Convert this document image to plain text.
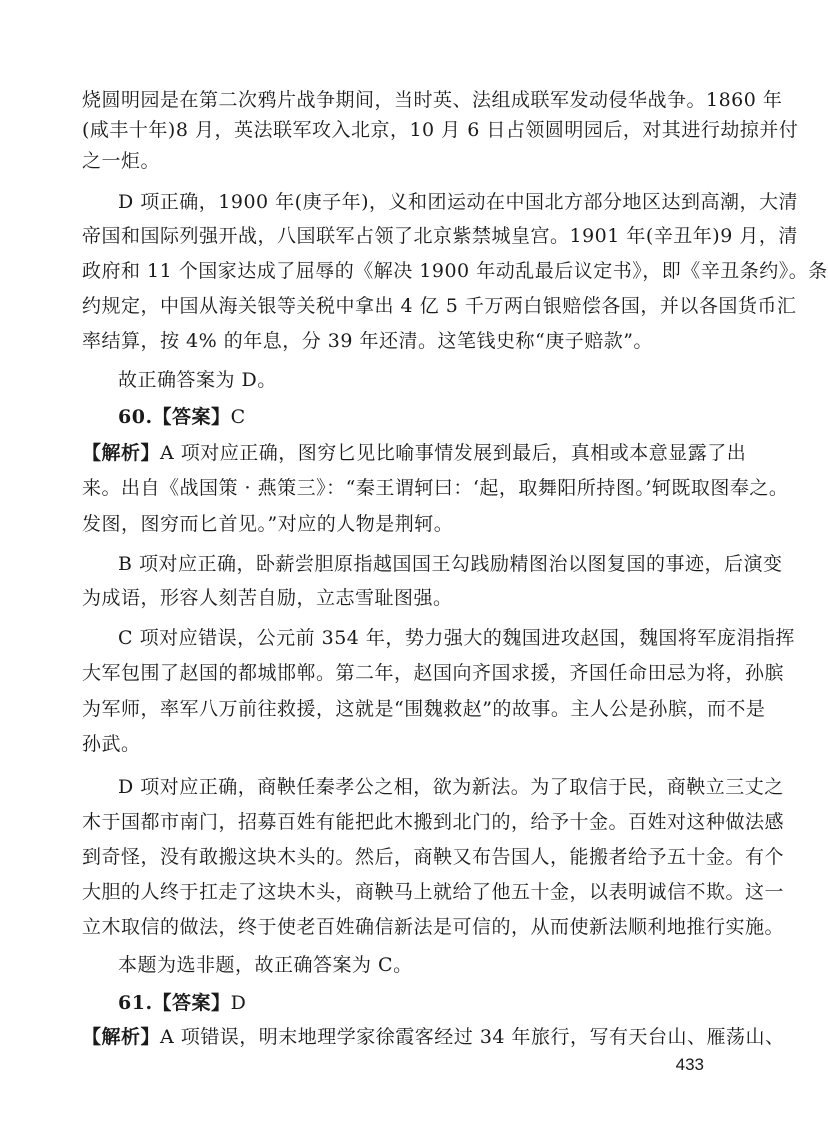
烧圆明园是在第二次鸦片战争期间，当时英、法组成联军发动侵华战争。1860 年
(咸丰十年)8 月，英法联军攻入北京，10 月 6 日占领圆明园后，对其进行劫掠并付
之一炬。
D 项正确，1900 年(庚子年)，义和团运动在中国北方部分地区达到高潮，大清
帝国和国际列强开战，八国联军占领了北京紫禁城皇宫。1901 年(辛丑年)9 月，清
政府和 11 个国家达成了屈辱的《解决 1900 年动乱最后议定书》，即《辛丑条约》。条
约规定，中国从海关银等关税中拿出 4 亿 5 千万两白银赔偿各国，并以各国货币汇
率结算，按 4% 的年息，分 39 年还清。这笔钱史称“庚子赔款”。
故正确答案为 D。
60.【答案】C
【解析】A 项对应正确，图穷匕见比喻事情发展到最后，真相或本意显露了出
来。出自《战国策 · 燕策三》：“秦王谓轲曰：‘起，取舞阳所持图。’轲既取图奉之。
发图，图穷而匕首见。”对应的人物是荆轲。
B 项对应正确，卧薪尝胆原指越国国王勾践励精图治以图复国的事迹，后演变
为成语，形容人刻苦自励，立志雪耻图强。
C 项对应错误，公元前 354 年，势力强大的魏国进攻赵国，魏国将军庞涓指挥
大军包围了赵国的都城邯郸。第二年，赵国向齐国求援，齐国任命田忌为将，孙膑
为军师，率军八万前往救援，这就是“围魏救赵”的故事。主人公是孙膑，而不是
孙武。
D 项对应正确，商鞅任秦孝公之相，欲为新法。为了取信于民，商鞅立三丈之
木于国都市南门，招募百姓有能把此木搬到北门的，给予十金。百姓对这种做法感
到奇怪，没有敢搬这块木头的。然后，商鞅又布告国人，能搬者给予五十金。有个
大胆的人终于扛走了这块木头，商鞅马上就给了他五十金，以表明诚信不欺。这一
立木取信的做法，终于使老百姓确信新法是可信的，从而使新法顺利地推行实施。
本题为选非题，故正确答案为 C。
61.【答案】D
【解析】A 项错误，明末地理学家徐霞客经过 34 年旅行，写有天台山、雁荡山、
433
